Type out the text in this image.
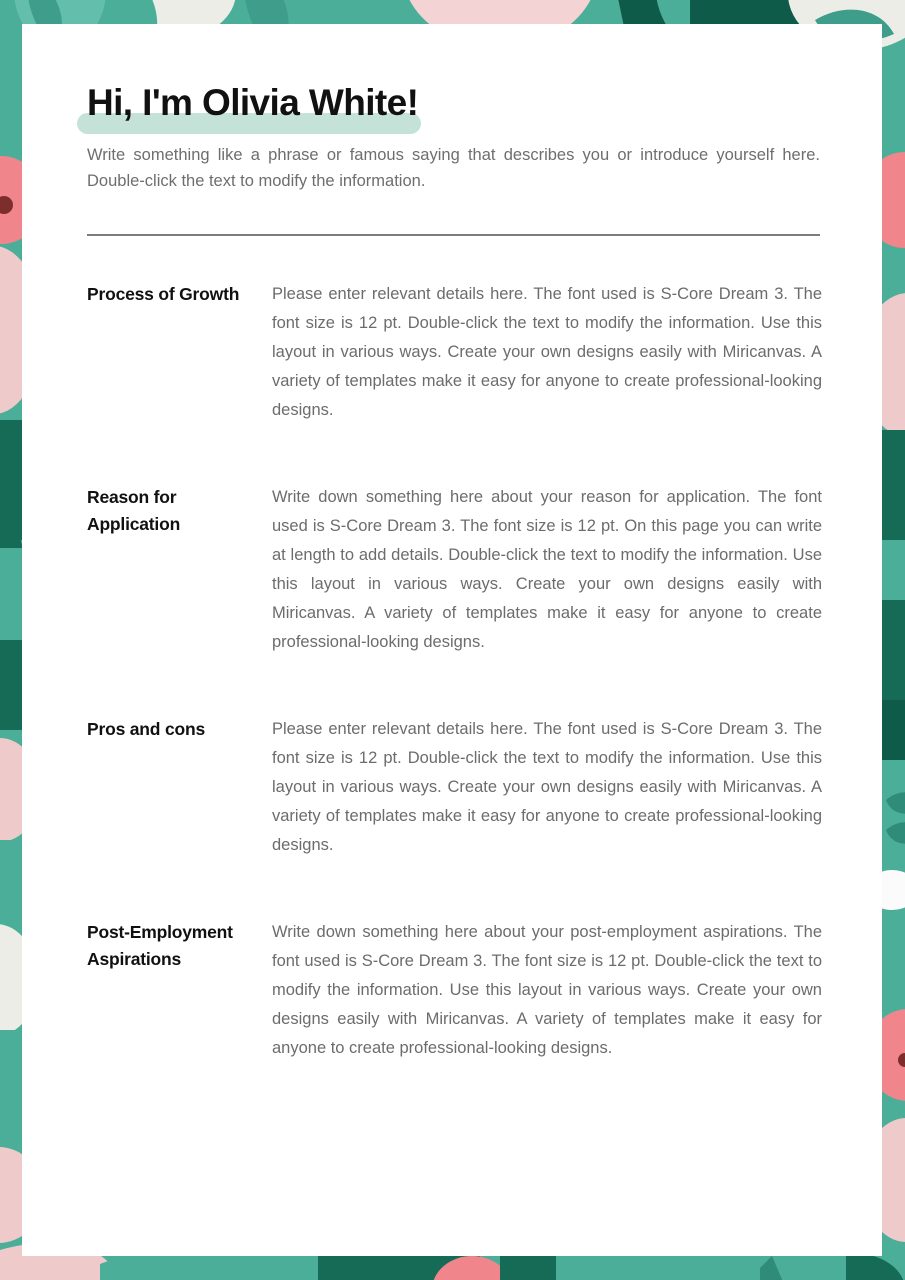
Hi, I'm Olivia White!

Write something like a phrase or famous saying that describes you or introduce yourself here. Double-click the text to modify the information.

Process of Growth	Please enter relevant details here. The font used is S-Core Dream 3. The font size is 12 pt. Double-click the text to modify the information. Use this layout in various ways. Create your own designs easily with Miricanvas. A variety of templates make it easy for anyone to create professional-looking designs.
Reason for Application
Write down something here about your reason for application. The font used is S-Core Dream 3. The font size is 12 pt. On this page you can write at length to add details. Double-click the text to modify the information. Use this layout in various ways. Create your own designs easily with Miricanvas. A variety of templates make it easy for anyone to create professional-looking designs.
Pros and cons	Please enter relevant details here. The font used is S-Core Dream 3. The font size is 12 pt. Double-click the text to modify the information. Use this layout in various ways. Create your own designs easily with Miricanvas. A variety of templates make it easy for anyone to create professional-looking designs.
Post-Employment Aspirations
Write down something here about your post-employment aspirations. The font used is S-Core Dream 3. The font size is 12 pt. Double-click the text to modify the information. Use this layout in various ways. Create your own designs easily with Miricanvas. A variety of templates make it easy for anyone to create professional-looking designs.
